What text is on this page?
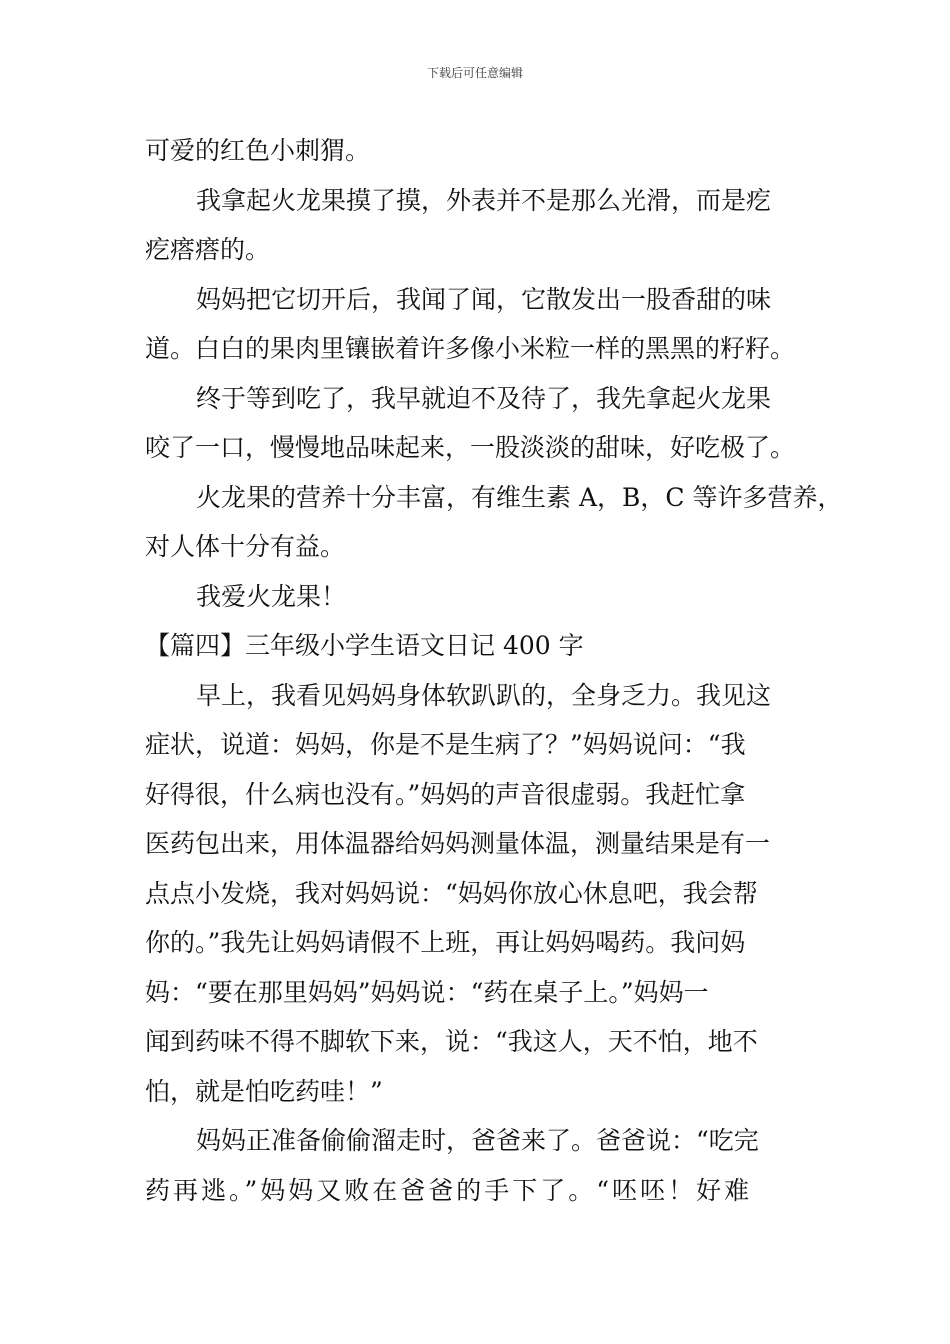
下载后可任意编辑
可爱的红色小刺猬。
我拿起火龙果摸了摸，外表并不是那么光滑，而是疙
疙瘩瘩的。
妈妈把它切开后，我闻了闻，它散发出一股香甜的味
道。白白的果肉里镶嵌着许多像小米粒一样的黑黑的籽籽。
终于等到吃了，我早就迫不及待了，我先拿起火龙果
咬了一口，慢慢地品味起来，一股淡淡的甜味，好吃极了。
火龙果的营养十分丰富，有维生素 A，B，C 等许多营养，
对人体十分有益。
我爱火龙果！
【篇四】三年级小学生语文日记 400 字
早上，我看见妈妈身体软趴趴的，全身乏力。我见这
症状，说道：妈妈，你是不是生病了？”妈妈说问：“我
好得很，什么病也没有。”妈妈的声音很虚弱。我赶忙拿
医药包出来，用体温器给妈妈测量体温，测量结果是有一
点点小发烧，我对妈妈说：“妈妈你放心休息吧，我会帮
你的。”我先让妈妈请假不上班，再让妈妈喝药。我问妈
妈：“要在那里妈妈”妈妈说：“药在桌子上。”妈妈一
闻到药味不得不脚软下来，说：“我这人，天不怕，地不
怕，就是怕吃药哇！”
妈妈正准备偷偷溜走时，爸爸来了。爸爸说：“吃完
药再逃。”妈妈又败在爸爸的手下了。“呸呸！好难
